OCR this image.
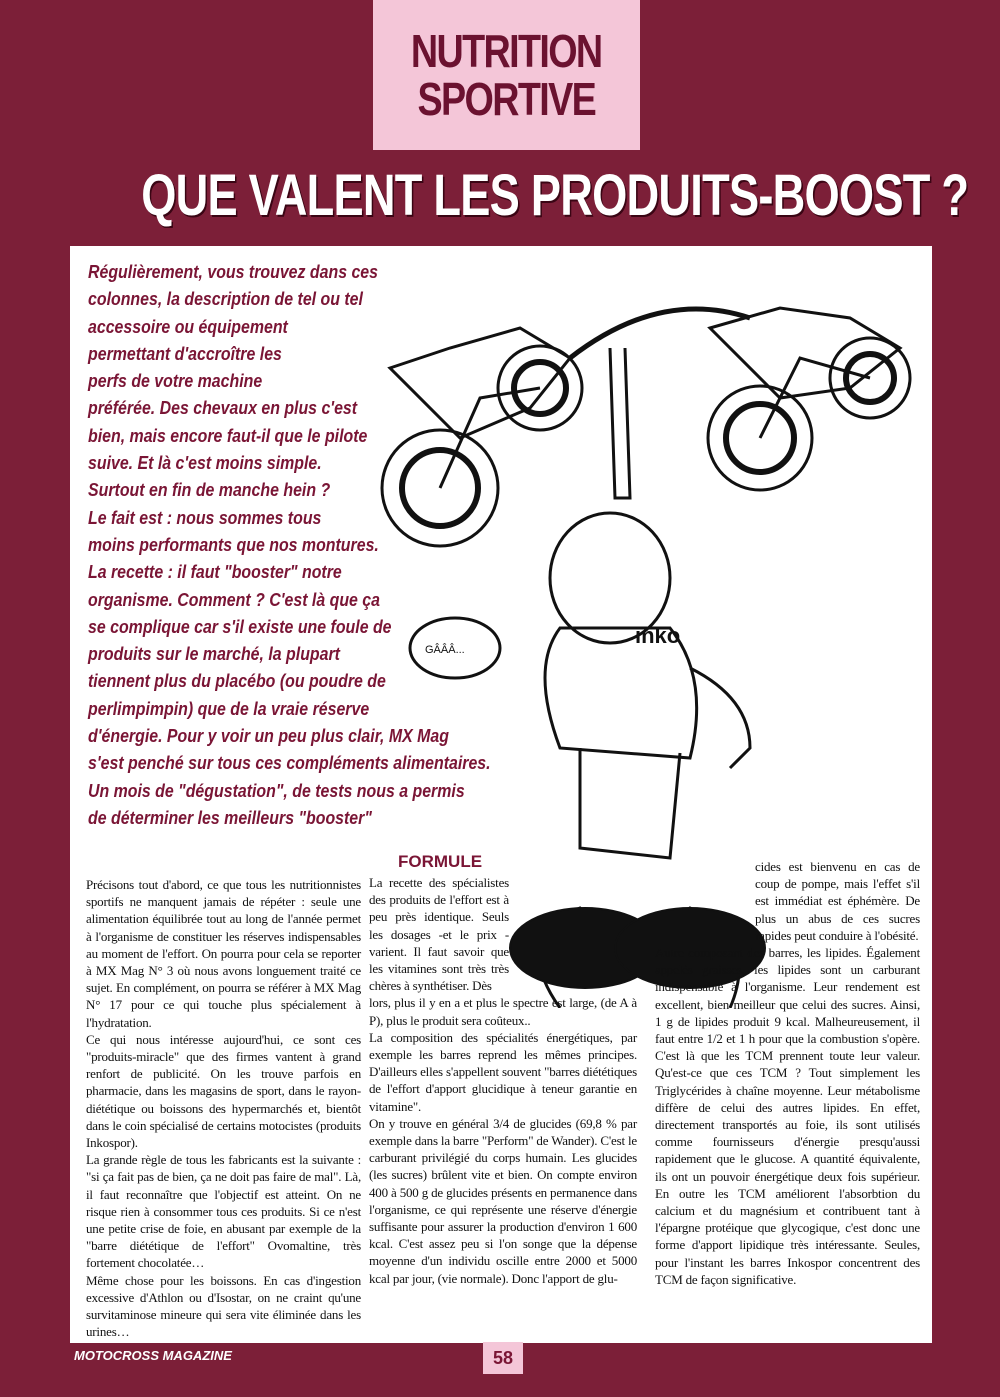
NUTRITION
SPORTIVE
QUE VALENT LES PRODUITS-BOOST ?
Régulièrement, vous trouvez dans ces
colonnes, la description de tel ou tel
accessoire ou équipement
permettant d'accroître les
perfs de votre machine
préférée. Des chevaux en plus c'est
bien, mais encore faut-il que le pilote
suive. Et là c'est moins simple.
Surtout en fin de manche hein ?
Le fait est : nous sommes tous
moins performants que nos montures.
La recette : il faut "booster" notre
organisme. Comment ? C'est là que ça
se complique car s'il existe une foule de
produits sur le marché, la plupart
tiennent plus du placébo (ou poudre de
perlimpimpin) que de la vraie réserve
d'énergie. Pour y voir un peu plus clair, MX Mag
s'est penché sur tous ces compléments alimentaires.
Un mois de "dégustation", de tests nous a permis
de déterminer les meilleurs "booster"
inko
GÂÂÂ...

Précisons tout d'abord, ce que tous les nutritionnistes sportifs ne manquent jamais de répéter : seule une alimentation équilibrée tout au long de l'année permet à l'organisme de constituer les réserves indispensables au moment de l'effort. On pourra pour cela se reporter à MX Mag N° 3 où nous avons longuement traité ce sujet. En complément, on pourra se référer à MX Mag N° 17 pour ce qui touche plus spécialement à l'hydratation.

Ce qui nous intéresse aujourd'hui, ce sont ces "produits-miracle" que des firmes vantent à grand renfort de publicité. On les trouve parfois en pharmacie, dans les magasins de sport, dans le rayon-diététique ou boissons des hypermarchés et, bientôt dans le coin spécialisé de certains motocistes (produits Inkospor).

La grande règle de tous les fabricants est la suivante : "si ça fait pas de bien, ça ne doit pas faire de mal". Là, il faut reconnaître que l'objectif est atteint. On ne risque rien à consommer tous ces produits. Si ce n'est une petite crise de foie, en abusant par exemple de la "barre diététique de l'effort" Ovomaltine, très fortement chocolatée…

Même chose pour les boissons. En cas d'ingestion excessive d'Athlon ou d'Isostar, on ne craint qu'une survitaminose mineure qui sera vite éliminée dans les urines…

FORMULE

La recette des spécialistes des produits de l'effort est à peu près identique. Seuls les dosages -et le prix - varient. Il faut savoir que les vitamines sont très très chères à synthétiser. Dès

lors, plus il y en a et plus le spectre est large, (de A à P), plus le produit sera coûteux..

La composition des spécialités énergétiques, par exemple les barres reprend les mêmes principes. D'ailleurs elles s'appellent souvent "barres diététiques de l'effort d'apport glucidique à teneur garantie en vitamine".

On y trouve en général 3/4 de glucides (69,8 % par exemple dans la barre "Perform" de Wander). C'est le carburant privilégié du corps humain. Les glucides (les sucres) brûlent vite et bien. On compte environ 400 à 500 g de glucides présents en permanence dans l'organisme, ce qui représente une réserve d'énergie suffisante pour assurer la production d'environ 1 600 kcal. C'est assez peu si l'on songe que la dépense moyenne d'un individu oscille entre 2000 et 5000 kcal par jour, (vie normale). Donc l'apport de glu-

cides est bienvenu en cas de coup de pompe, mais l'effet s'il est immédiat est éphémère. De plus un abus de ces sucres rapides peut conduire à l'obésité.

Autre composant des barres, les lipides. Également appelés graisses, les lipides sont un carburant indispensable à l'organisme. Leur rendement est excellent, bien meilleur que celui des sucres. Ainsi, 1 g de lipides produit 9 kcal. Malheureusement, il faut entre 1/2 et 1 h pour que la combustion s'opère. C'est là que les TCM prennent toute leur valeur. Qu'est-ce que ces TCM ? Tout simplement les Triglycérides à chaîne moyenne. Leur métabolisme diffère de celui des autres lipides. En effet, directement transportés au foie, ils sont utilisés comme fournisseurs d'énergie presqu'aussi rapidement que le glucose. A quantité équivalente, ils ont un pouvoir énergétique deux fois supérieur. En outre les TCM améliorent l'absorbtion du calcium et du magnésium et contribuent tant à l'épargne protéique que glycogique, c'est donc une forme d'apport lipidique très intéressante. Seules, pour l'instant les barres Inkospor concentrent des TCM de façon significative.

MOTOCROSS MAGAZINE	58
